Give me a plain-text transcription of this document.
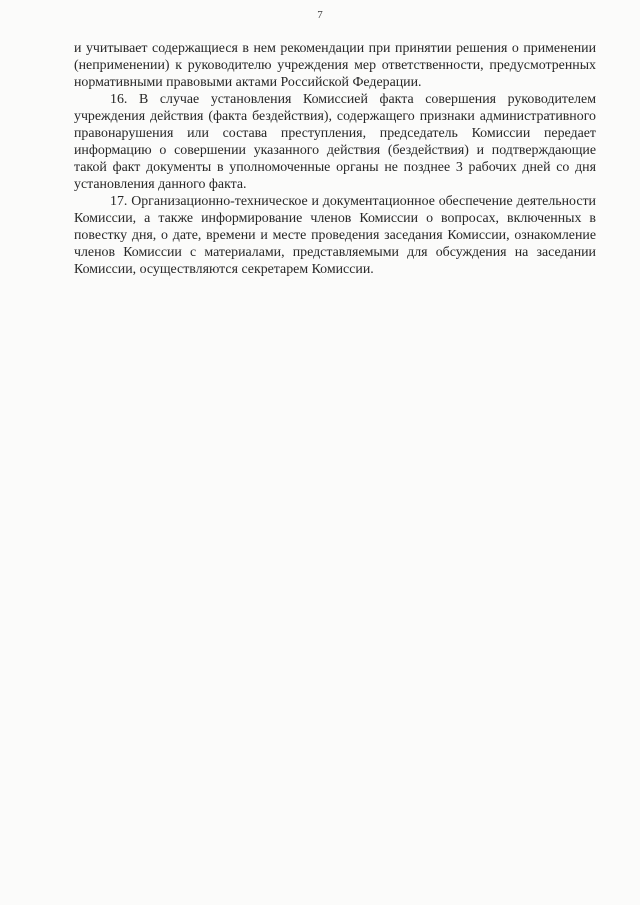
7

и учитывает содержащиеся в нем рекомендации при принятии решения о применении (неприменении) к руководителю учреждения мер ответственности, предусмотренных нормативными правовыми актами Российской Федерации.

16. В случае установления Комиссией факта совершения руководителем учреждения действия (факта бездействия), содержащего признаки административного правонарушения или состава преступления, председатель Комиссии передает информацию о совершении указанного действия (бездействия) и подтверждающие такой факт документы в уполномоченные органы не позднее 3 рабочих дней со дня установления данного факта.

17. Организационно-техническое и документационное обеспечение деятельности Комиссии, а также информирование членов Комиссии о вопросах, включенных в повестку дня, о дате, времени и месте проведения заседания Комиссии, ознакомление членов Комиссии с материалами, представляемыми для обсуждения на заседании Комиссии, осуществляются секретарем Комиссии.
